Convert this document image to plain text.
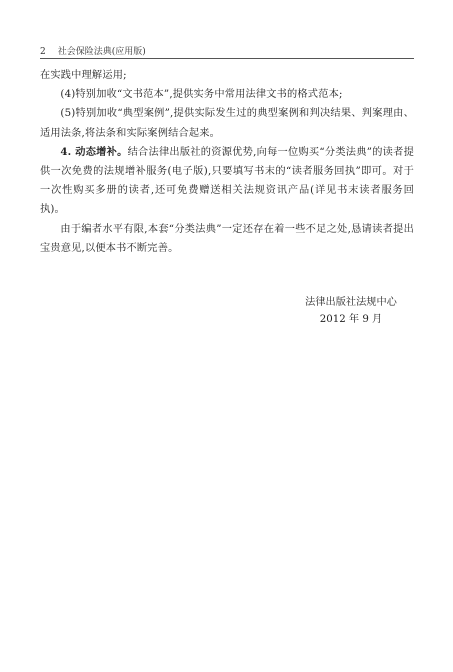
2 社会保险法典(应用版)

在实践中理解运用;

(4)特别加收“文书范本”,提供实务中常用法律文书的格式范本;

(5)特别加收“典型案例”,提供实际发生过的典型案例和判决结果、判案理由、适用法条,将法条和实际案例结合起来。

4. 动态增补。结合法律出版社的资源优势,向每一位购买“分类法典”的读者提供一次免费的法规增补服务(电子版),只要填写书末的“读者服务回执”即可。对于一次性购买多册的读者,还可免费赠送相关法规资讯产品(详见书末读者服务回执)。

由于编者水平有限,本套“分类法典”一定还存在着一些不足之处,恳请读者提出宝贵意见,以便本书不断完善。

法律出版社法规中心
2012 年 9 月
